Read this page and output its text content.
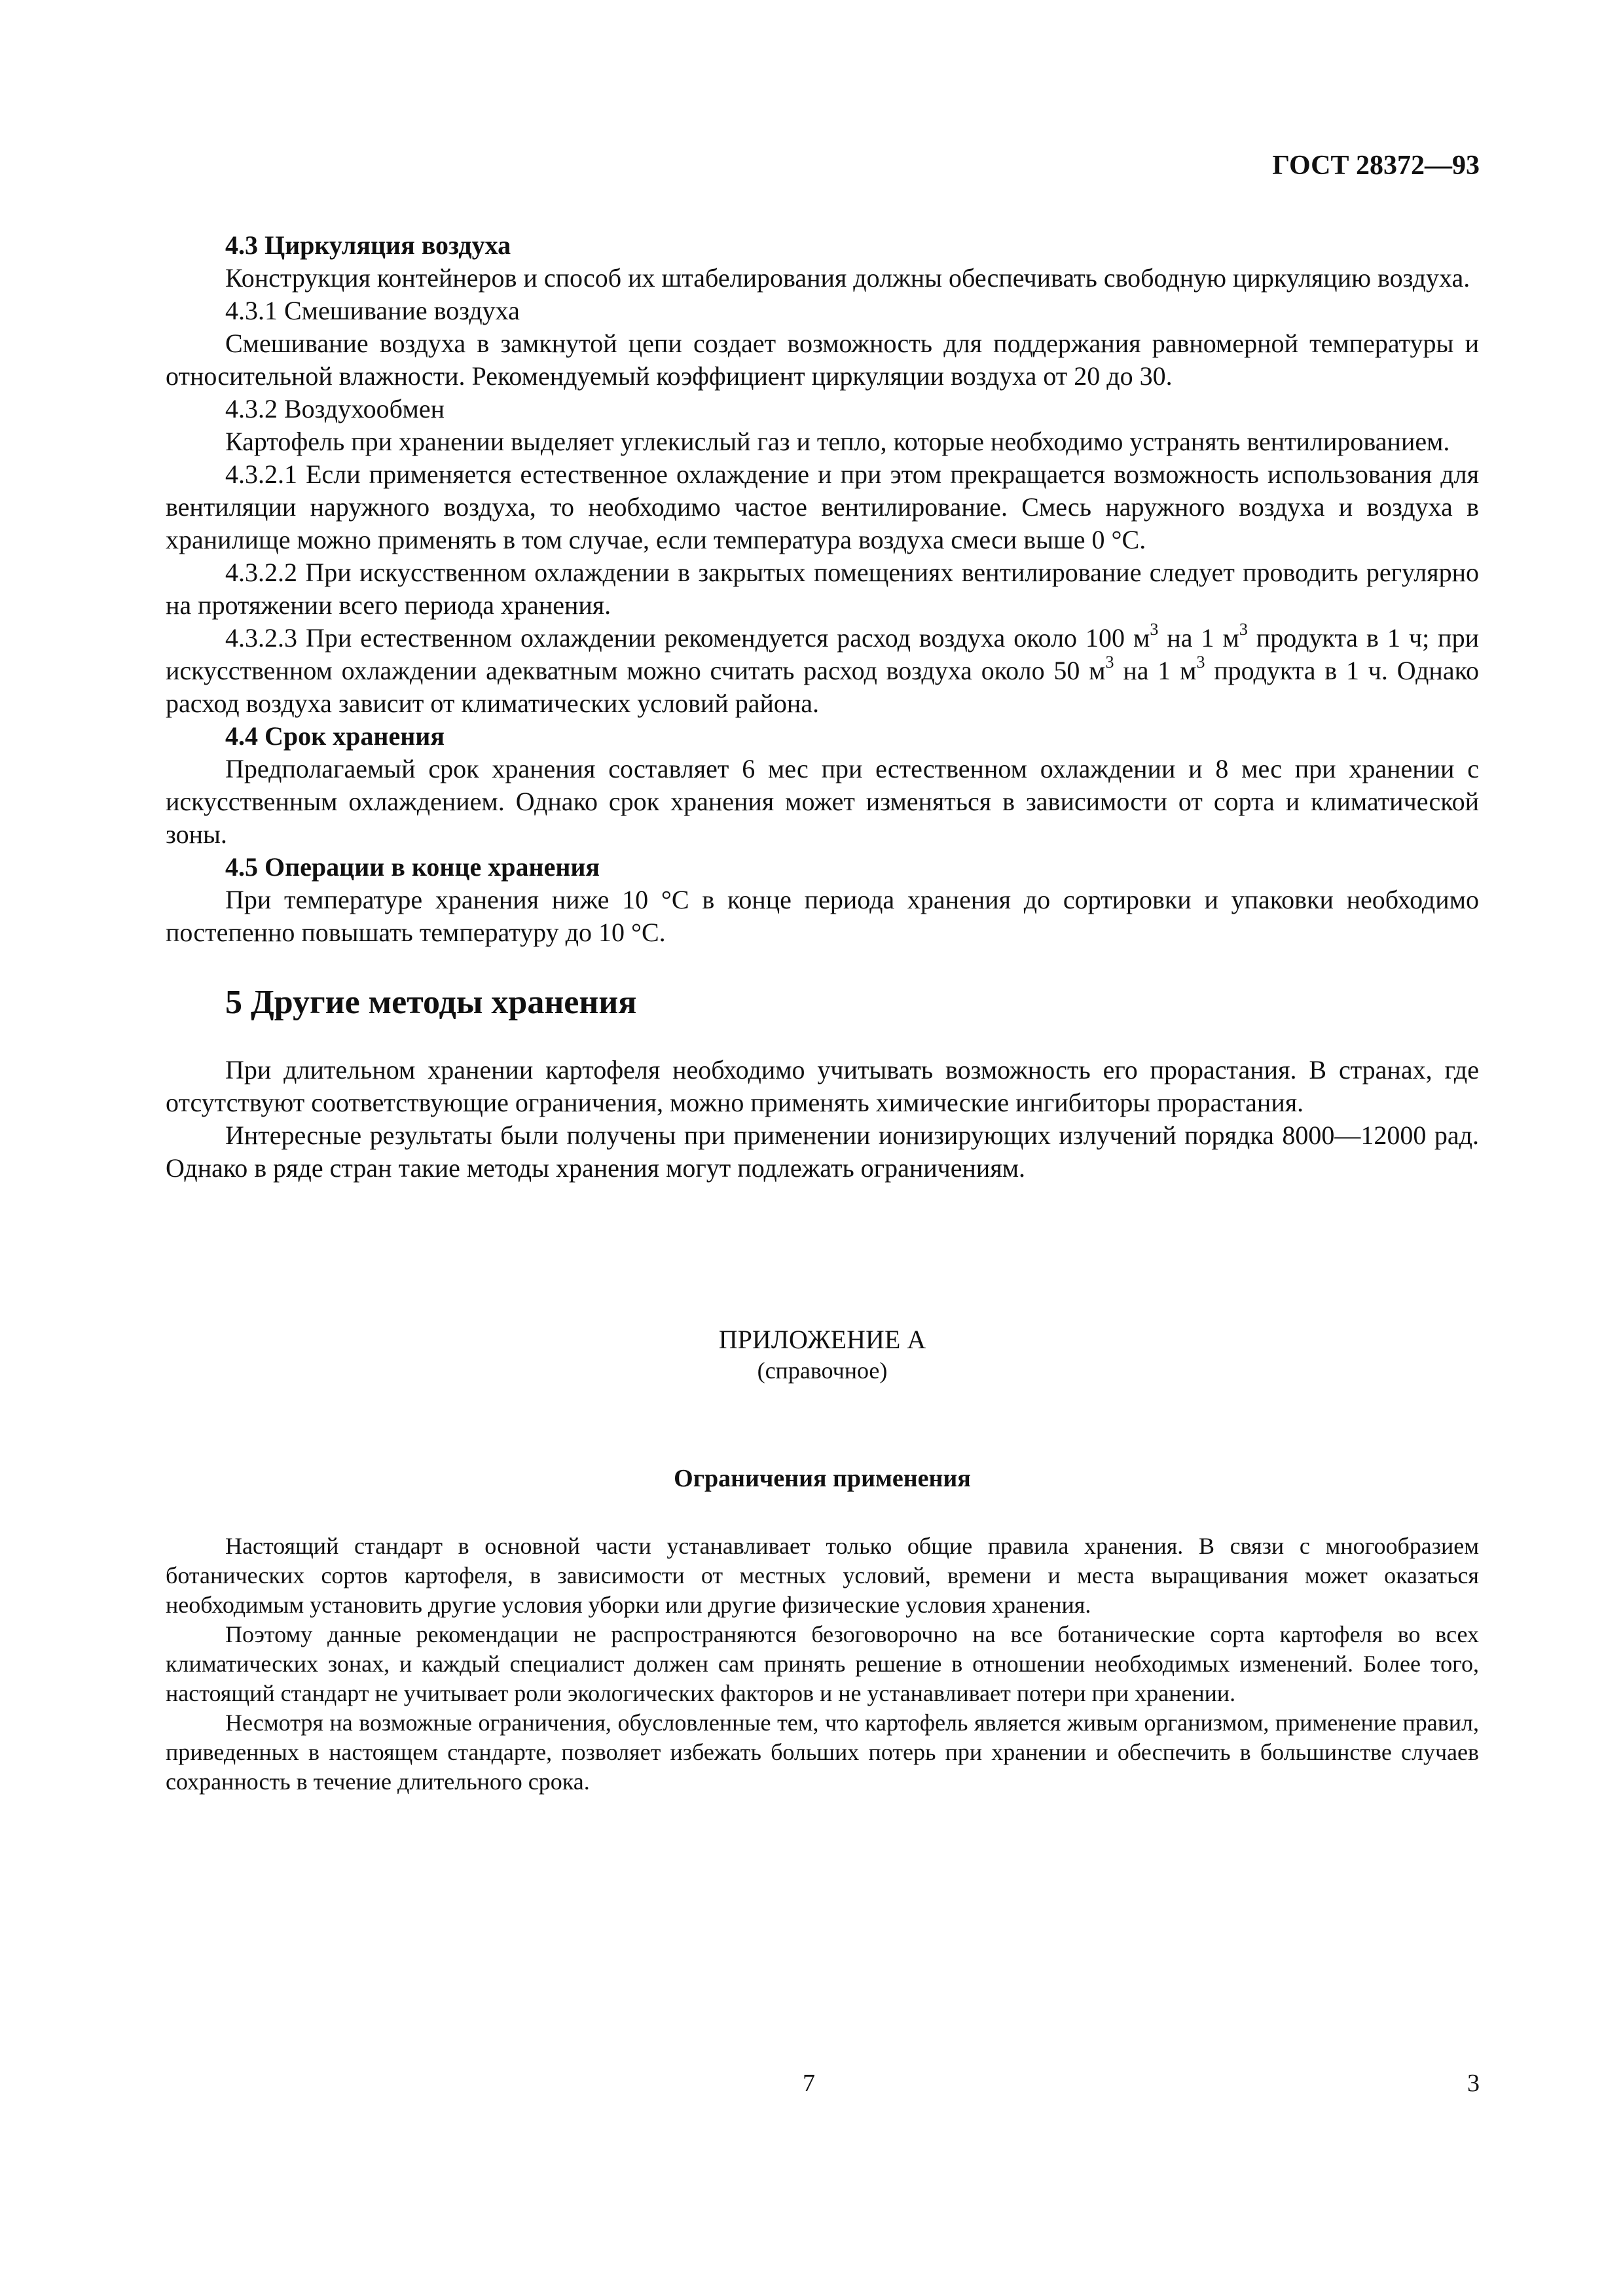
ГОСТ 28372—93

4.3 Циркуляция воздуха

Конструкция контейнеров и способ их штабелирования должны обеспечивать свободную циркуляцию воздуха.

4.3.1 Смешивание воздуха

Смешивание воздуха в замкнутой цепи создает возможность для поддержания равномерной температуры и относительной влажности. Рекомендуемый коэффициент циркуляции воздуха от 20 до 30.

4.3.2 Воздухообмен

Картофель при хранении выделяет углекислый газ и тепло, которые необходимо устранять вентилированием.

4.3.2.1 Если применяется естественное охлаждение и при этом прекращается возможность использования для вентиляции наружного воздуха, то необходимо частое вентилирование. Смесь наружного воздуха и воздуха в хранилище можно применять в том случае, если температура воздуха смеси выше 0 °С.

4.3.2.2 При искусственном охлаждении в закрытых помещениях вентилирование следует проводить регулярно на протяжении всего периода хранения.

4.3.2.3 При естественном охлаждении рекомендуется расход воздуха около 100 $м^3$ на 1 $м^3$ продукта в 1 ч; при искусственном охлаждении адекватным можно считать расход воздуха около 50 $м^3$ на 1 $м^3$ продукта в 1 ч. Однако расход воздуха зависит от климатических условий района.

4.4 Срок хранения

Предполагаемый срок хранения составляет 6 мес при естественном охлаждении и 8 мес при хранении с искусственным охлаждением. Однако срок хранения может изменяться в зависимости от сорта и климатической зоны.

4.5 Операции в конце хранения

При температуре хранения ниже 10 °С в конце периода хранения до сортировки и упаковки необходимо постепенно повышать температуру до 10 °С.

5 Другие методы хранения

При длительном хранении картофеля необходимо учитывать возможность его прорастания. В странах, где отсутствуют соответствующие ограничения, можно применять химические ингибиторы прорастания.

Интересные результаты были получены при применении ионизирующих излучений порядка 8000—12000 рад. Однако в ряде стран такие методы хранения могут подлежать ограничениям.

ПРИЛОЖЕНИЕ А

(справочное)

Ограничения применения

Настоящий стандарт в основной части устанавливает только общие правила хранения. В связи с многообразием ботанических сортов картофеля, в зависимости от местных условий, времени и места выращивания может оказаться необходимым установить другие условия уборки или другие физические условия хранения.

Поэтому данные рекомендации не распространяются безоговорочно на все ботанические сорта картофеля во всех климатических зонах, и каждый специалист должен сам принять решение в отношении необходимых изменений. Более того, настоящий стандарт не учитывает роли экологических факторов и не устанавливает потери при хранении.

Несмотря на возможные ограничения, обусловленные тем, что картофель является живым организмом, применение правил, приведенных в настоящем стандарте, позволяет избежать больших потерь при хранении и обеспечить в большинстве случаев сохранность в течение длительного срока.

7	3
